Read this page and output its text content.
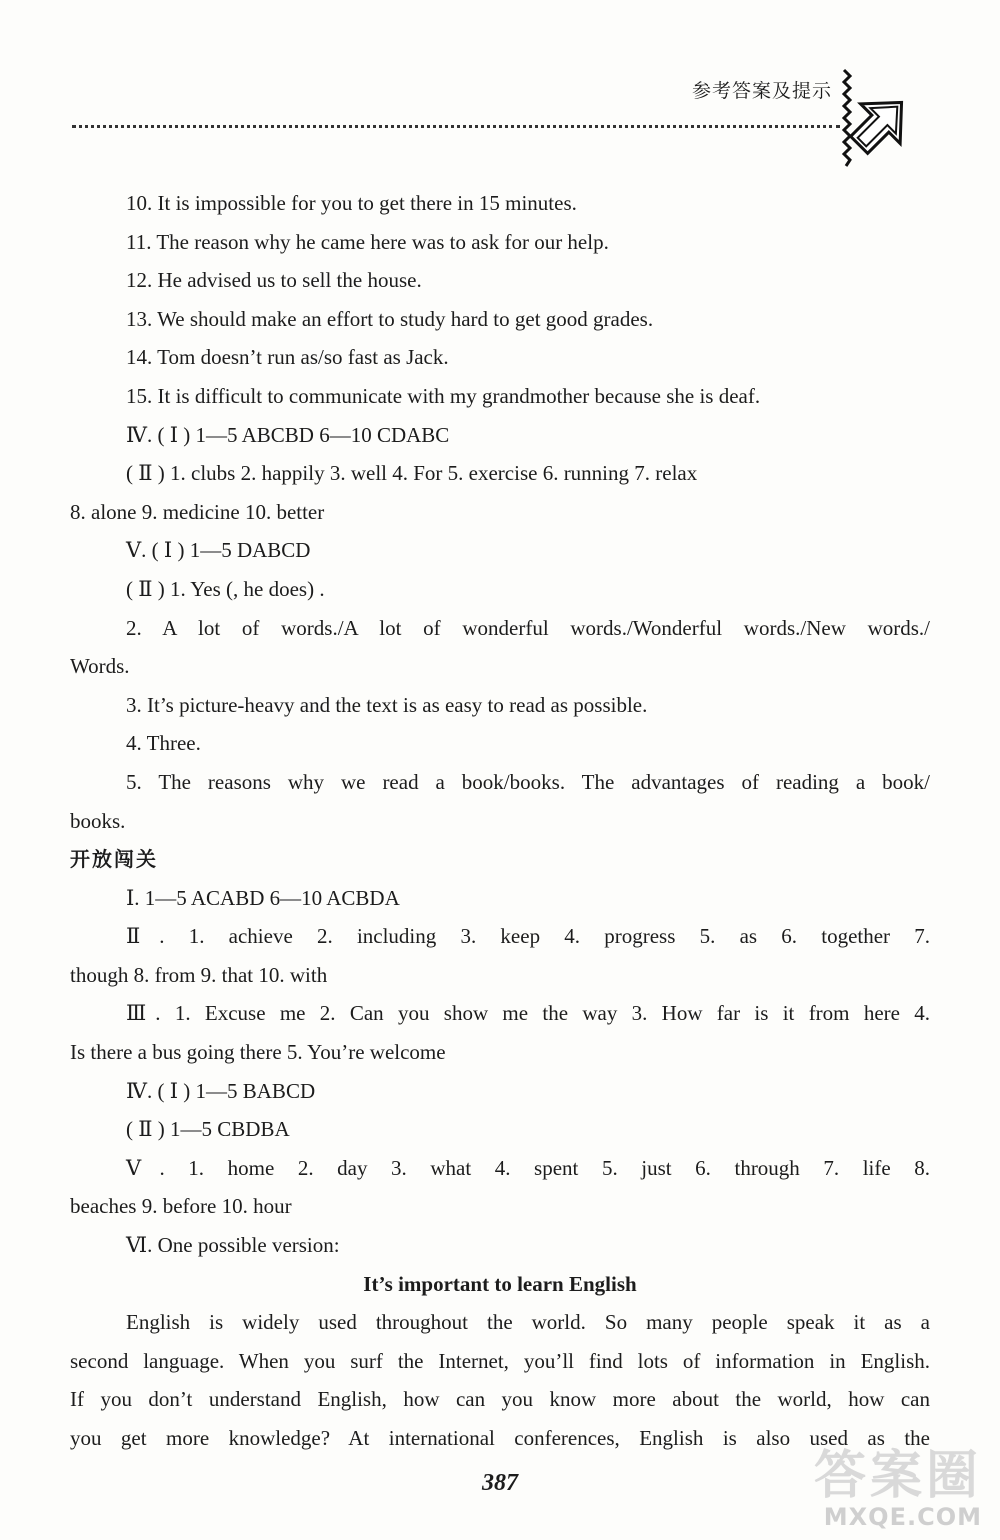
参考答案及提示

10. It is impossible for you to get there in 15 minutes.

11. The reason why he came here was to ask for our help.

12. He advised us to sell the house.

13. We should make an effort to study hard to get good grades.

14. Tom doesn’t run as/so fast as Jack.

15. It is difficult to communicate with my grandmother because she is deaf.

Ⅳ. ( Ⅰ ) 1—5 ABCBD 6—10 CDABC

( Ⅱ ) 1. clubs 2. happily 3. well 4. For 5. exercise 6. running 7. relax

8. alone 9. medicine 10. better

Ⅴ. ( Ⅰ ) 1—5 DABCD

( Ⅱ ) 1. Yes (, he does) .

2. A lot of words./A lot of wonderful words./Wonderful words./New words./

Words.

3. It’s picture-heavy and the text is as easy to read as possible.

4. Three.

5. The reasons why we read a book/books. The advantages of reading a book/

books.

开放闯关

Ⅰ. 1—5 ACABD 6—10 ACBDA

Ⅱ. 1. achieve 2. including 3. keep 4. progress 5. as 6. together 7.

though 8. from 9. that 10. with

Ⅲ. 1. Excuse me 2. Can you show me the way 3. How far is it from here 4.

Is there a bus going there 5. You’re welcome

Ⅳ. ( Ⅰ ) 1—5 BABCD

( Ⅱ ) 1—5 CBDBA

Ⅴ. 1. home 2. day 3. what 4. spent 5. just 6. through 7. life 8.

beaches 9. before 10. hour

Ⅵ. One possible version:

It’s important to learn English

English is widely used throughout the world. So many people speak it as a

second language. When you surf the Internet, you’ll find lots of information in English.

If you don’t understand English, how can you know more about the world, how can

you get more knowledge? At international conferences, English is also used as the

387	答案圈
MXQE.COM
